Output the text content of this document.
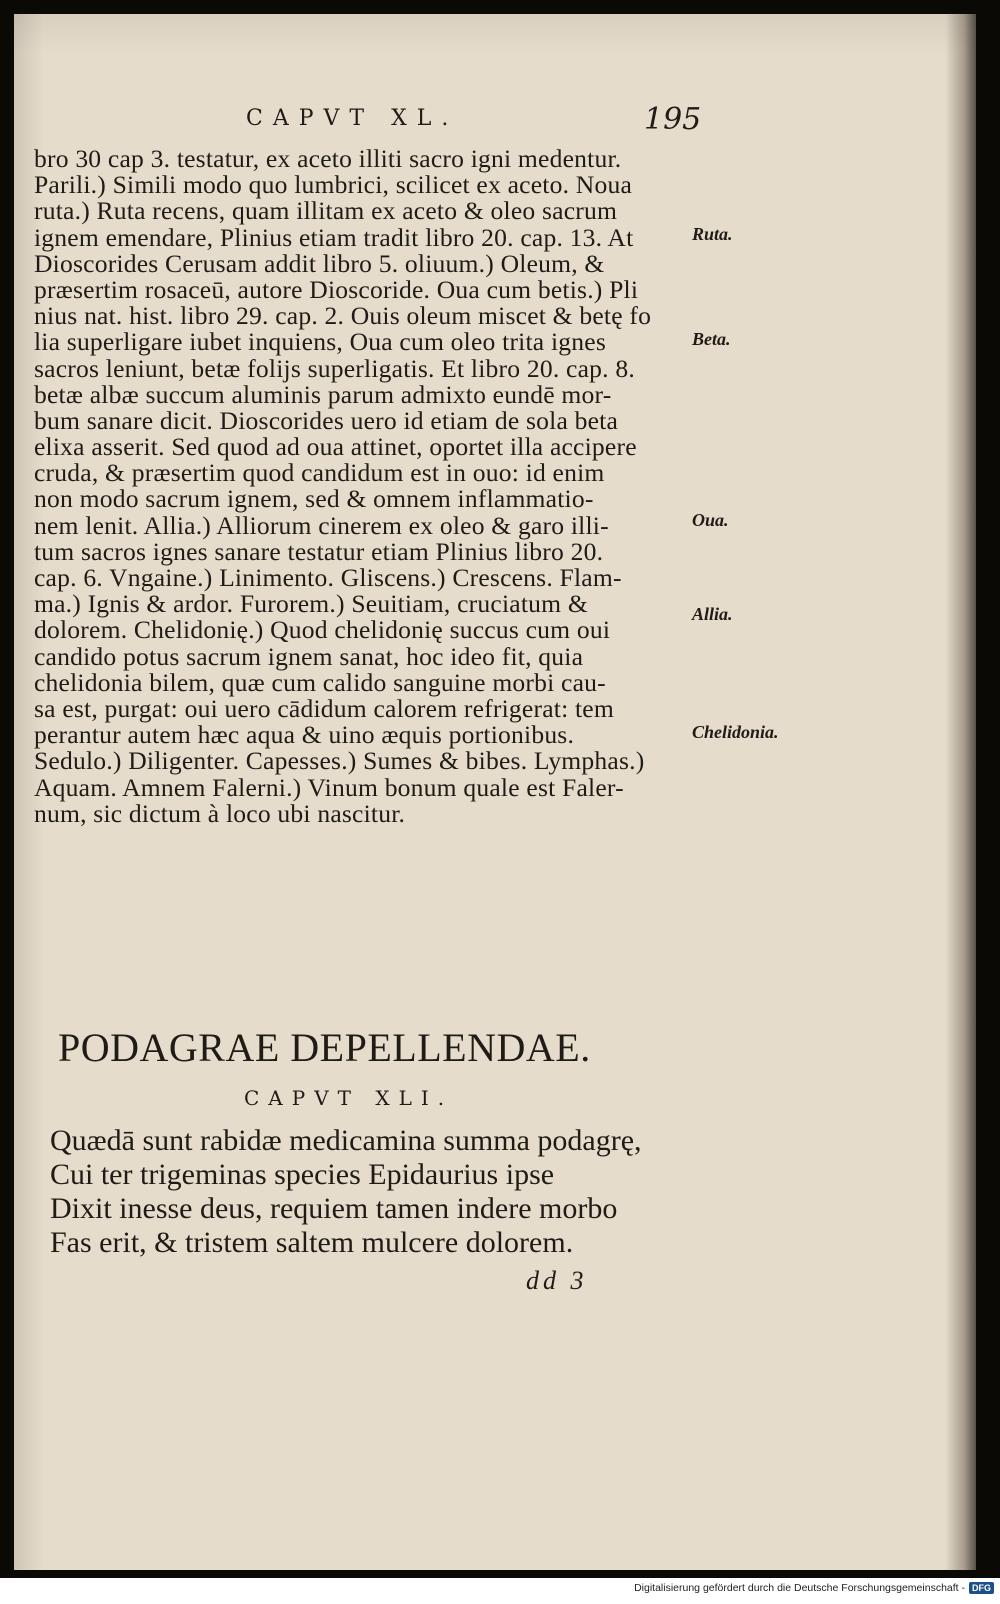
CAPVT XL.	195
bro 30 cap 3. testatur, ex aceto illiti sacro igni medentur.
Parili.) Simili modo quo lumbrici, scilicet ex aceto. Noua
ruta.) Ruta recens, quam illitam ex aceto & oleo sacrum
ignem emendare, Plinius etiam tradit libro 20. cap. 13. At
Dioscorides Cerusam addit libro 5. oliuum.) Oleum, &
præsertim rosaceū, autore Dioscoride. Oua cum betis.) Pli
nius nat. hist. libro 29. cap. 2. Ouis oleum miscet & betę fo
lia superligare iubet inquiens, Oua cum oleo trita ignes
sacros leniunt, betæ folijs superligatis. Et libro 20. cap. 8.
betæ albæ succum aluminis parum admixto eundē mor-
bum sanare dicit. Dioscorides uero id etiam de sola beta
elixa asserit. Sed quod ad oua attinet, oportet illa accipere
cruda, & præsertim quod candidum est in ouo: id enim
non modo sacrum ignem, sed & omnem inflammatio-
nem lenit. Allia.) Alliorum cinerem ex oleo & garo illi-
tum sacros ignes sanare testatur etiam Plinius libro 20.
cap. 6. Vngaine.) Linimento. Gliscens.) Crescens. Flam-
ma.) Ignis & ardor. Furorem.) Seuitiam, cruciatum &
dolorem. Chelidonię.) Quod chelidonię succus cum oui
candido potus sacrum ignem sanat, hoc ideo fit, quia
chelidonia bilem, quæ cum calido sanguine morbi cau-
sa est, purgat: oui uero cādidum calorem refrigerat: tem
perantur autem hæc aqua & uino æquis portionibus.
Sedulo.) Diligenter. Capesses.) Sumes & bibes. Lymphas.)
Aquam. Amnem Falerni.) Vinum bonum quale est Faler-
num, sic dictum à loco ubi nascitur.
Ruta.
Beta.
Oua.
Allia.
Chelidonia.
PODAGRAE DEPELLENDAE.
CAPVT XLI.
Quædā sunt rabidæ medicamina summa podagrę,
Cui ter trigeminas species Epidaurius ipse
Dixit inesse deus, requiem tamen indere morbo
Fas erit, & tristem saltem mulcere dolorem.
dd 3
Digitalisierung gefördert durch die Deutsche Forschungsgemeinschaft - DFG
